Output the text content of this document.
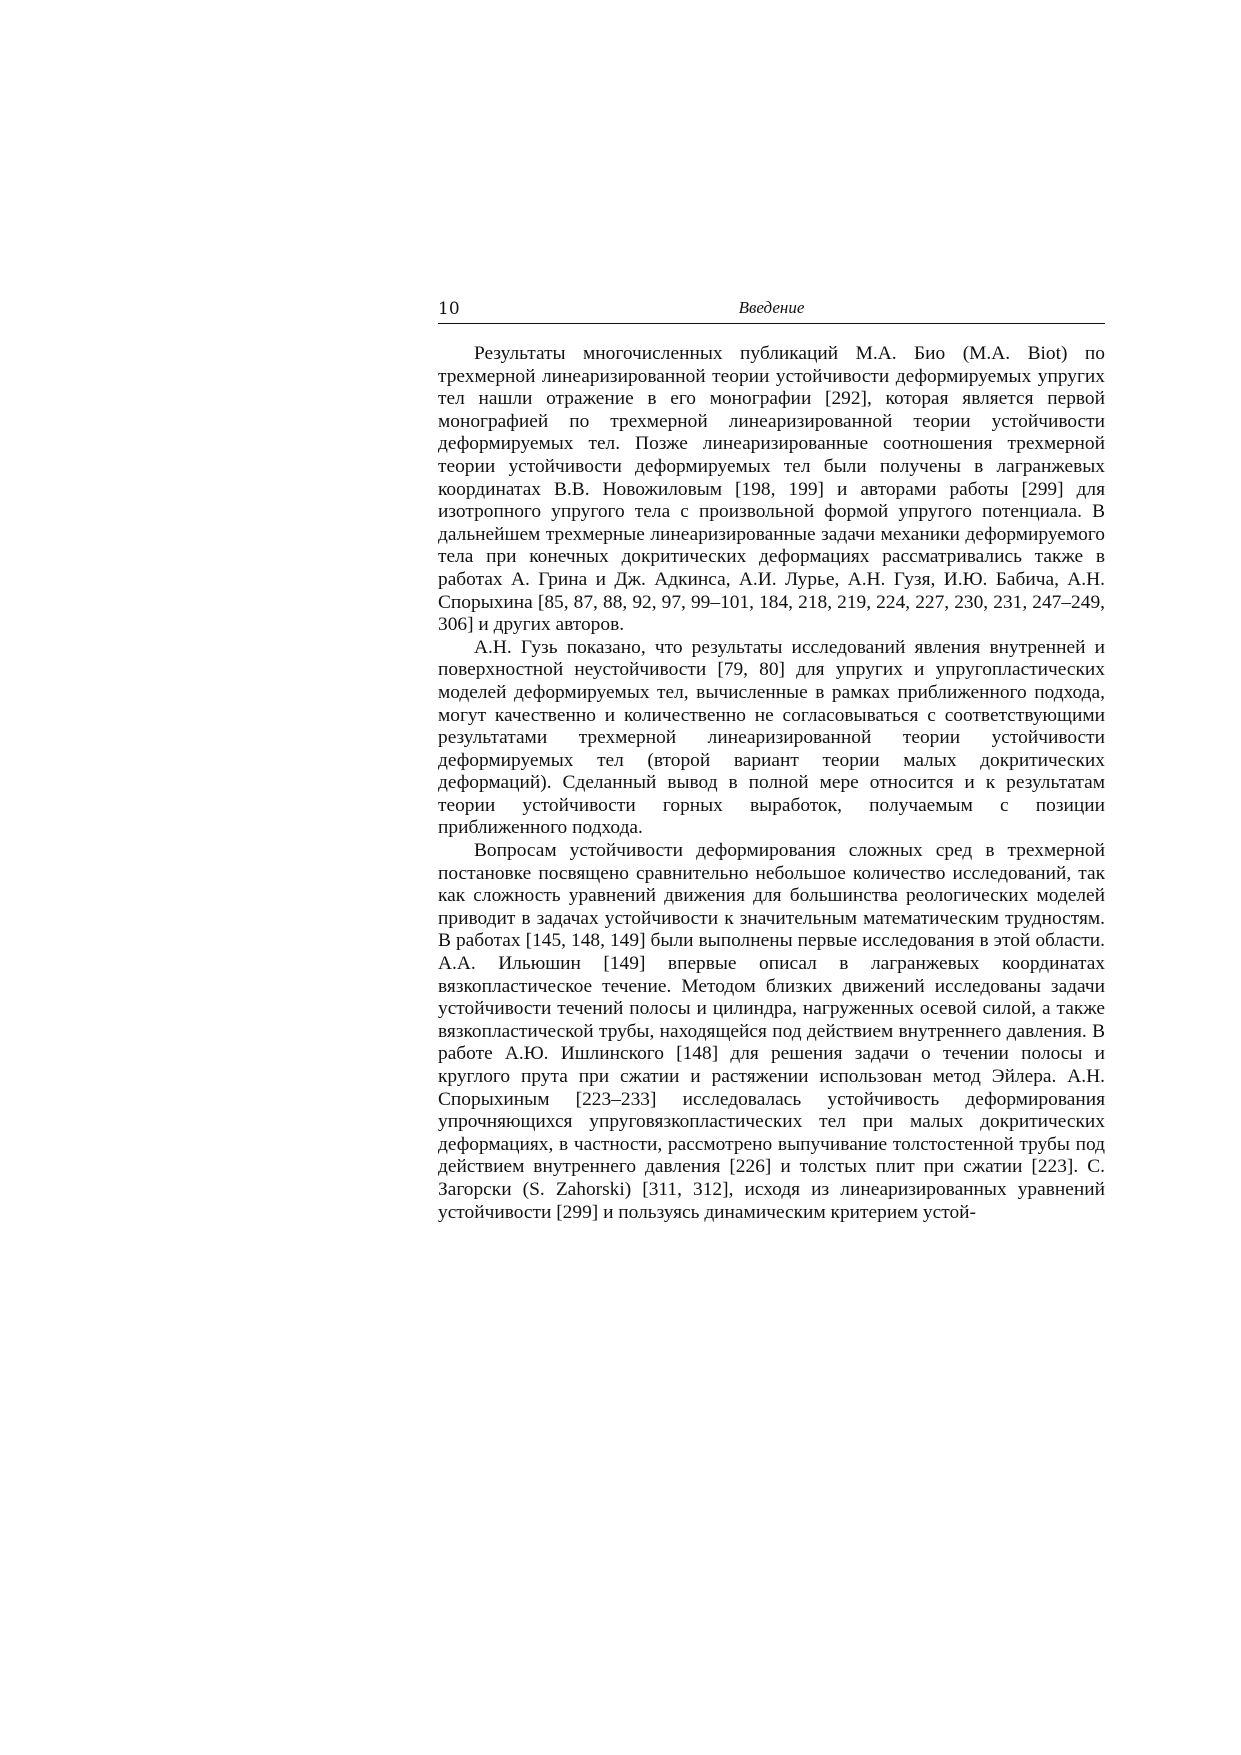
10	Введение

Результаты многочисленных публикаций М.А. Био (М.А. Biot) по трехмерной линеаризированной теории устойчивости деформируемых упругих тел нашли отражение в его монографии [292], которая является первой монографией по трехмерной линеаризированной теории устойчивости деформируемых тел. Позже линеаризированные соотношения трехмерной теории устойчивости деформируемых тел были получены в лагранжевых координатах В.В. Новожиловым [198, 199] и авторами работы [299] для изотропного упругого тела с произвольной формой упругого потенциала. В дальнейшем трехмерные линеаризированные задачи механики деформируемого тела при конечных докритических деформациях рассматривались также в работах А. Грина и Дж. Адкинса, А.И. Лурье, А.Н. Гузя, И.Ю. Бабича, А.Н. Спорыхина [85, 87, 88, 92, 97, 99–101, 184, 218, 219, 224, 227, 230, 231, 247–249, 306] и других авторов.

А.Н. Гузь показано, что результаты исследований явления внутренней и поверхностной неустойчивости [79, 80] для упругих и упругопластических моделей деформируемых тел, вычисленные в рамках приближенного подхода, могут качественно и количественно не согласовываться с соответствующими результатами трехмерной линеаризированной теории устойчивости деформируемых тел (второй вариант теории малых докритических деформаций). Сделанный вывод в полной мере относится и к результатам теории устойчивости горных выработок, получаемым с позиции приближенного подхода.

Вопросам устойчивости деформирования сложных сред в трехмерной постановке посвящено сравнительно небольшое количество исследований, так как сложность уравнений движения для большинства реологических моделей приводит в задачах устойчивости к значительным математическим трудностям. В работах [145, 148, 149] были выполнены первые исследования в этой области. А.А. Ильюшин [149] впервые описал в лагранжевых координатах вязкопластическое течение. Методом близких движений исследованы задачи устойчивости течений полосы и цилиндра, нагруженных осевой силой, а также вязкопластической трубы, находящейся под действием внутреннего давления. В работе А.Ю. Ишлинского [148] для решения задачи о течении полосы и круглого прута при сжатии и растяжении использован метод Эйлера. А.Н. Спорыхиным [223–233] исследовалась устойчивость деформирования упрочняющихся упруговязкопластических тел при малых докритических деформациях, в частности, рассмотрено выпучивание толстостенной трубы под действием внутреннего давления [226] и толстых плит при сжатии [223]. С. Загорски (S. Zahorski) [311, 312], исходя из линеаризированных уравнений устойчивости [299] и пользуясь динамическим критерием устой-
